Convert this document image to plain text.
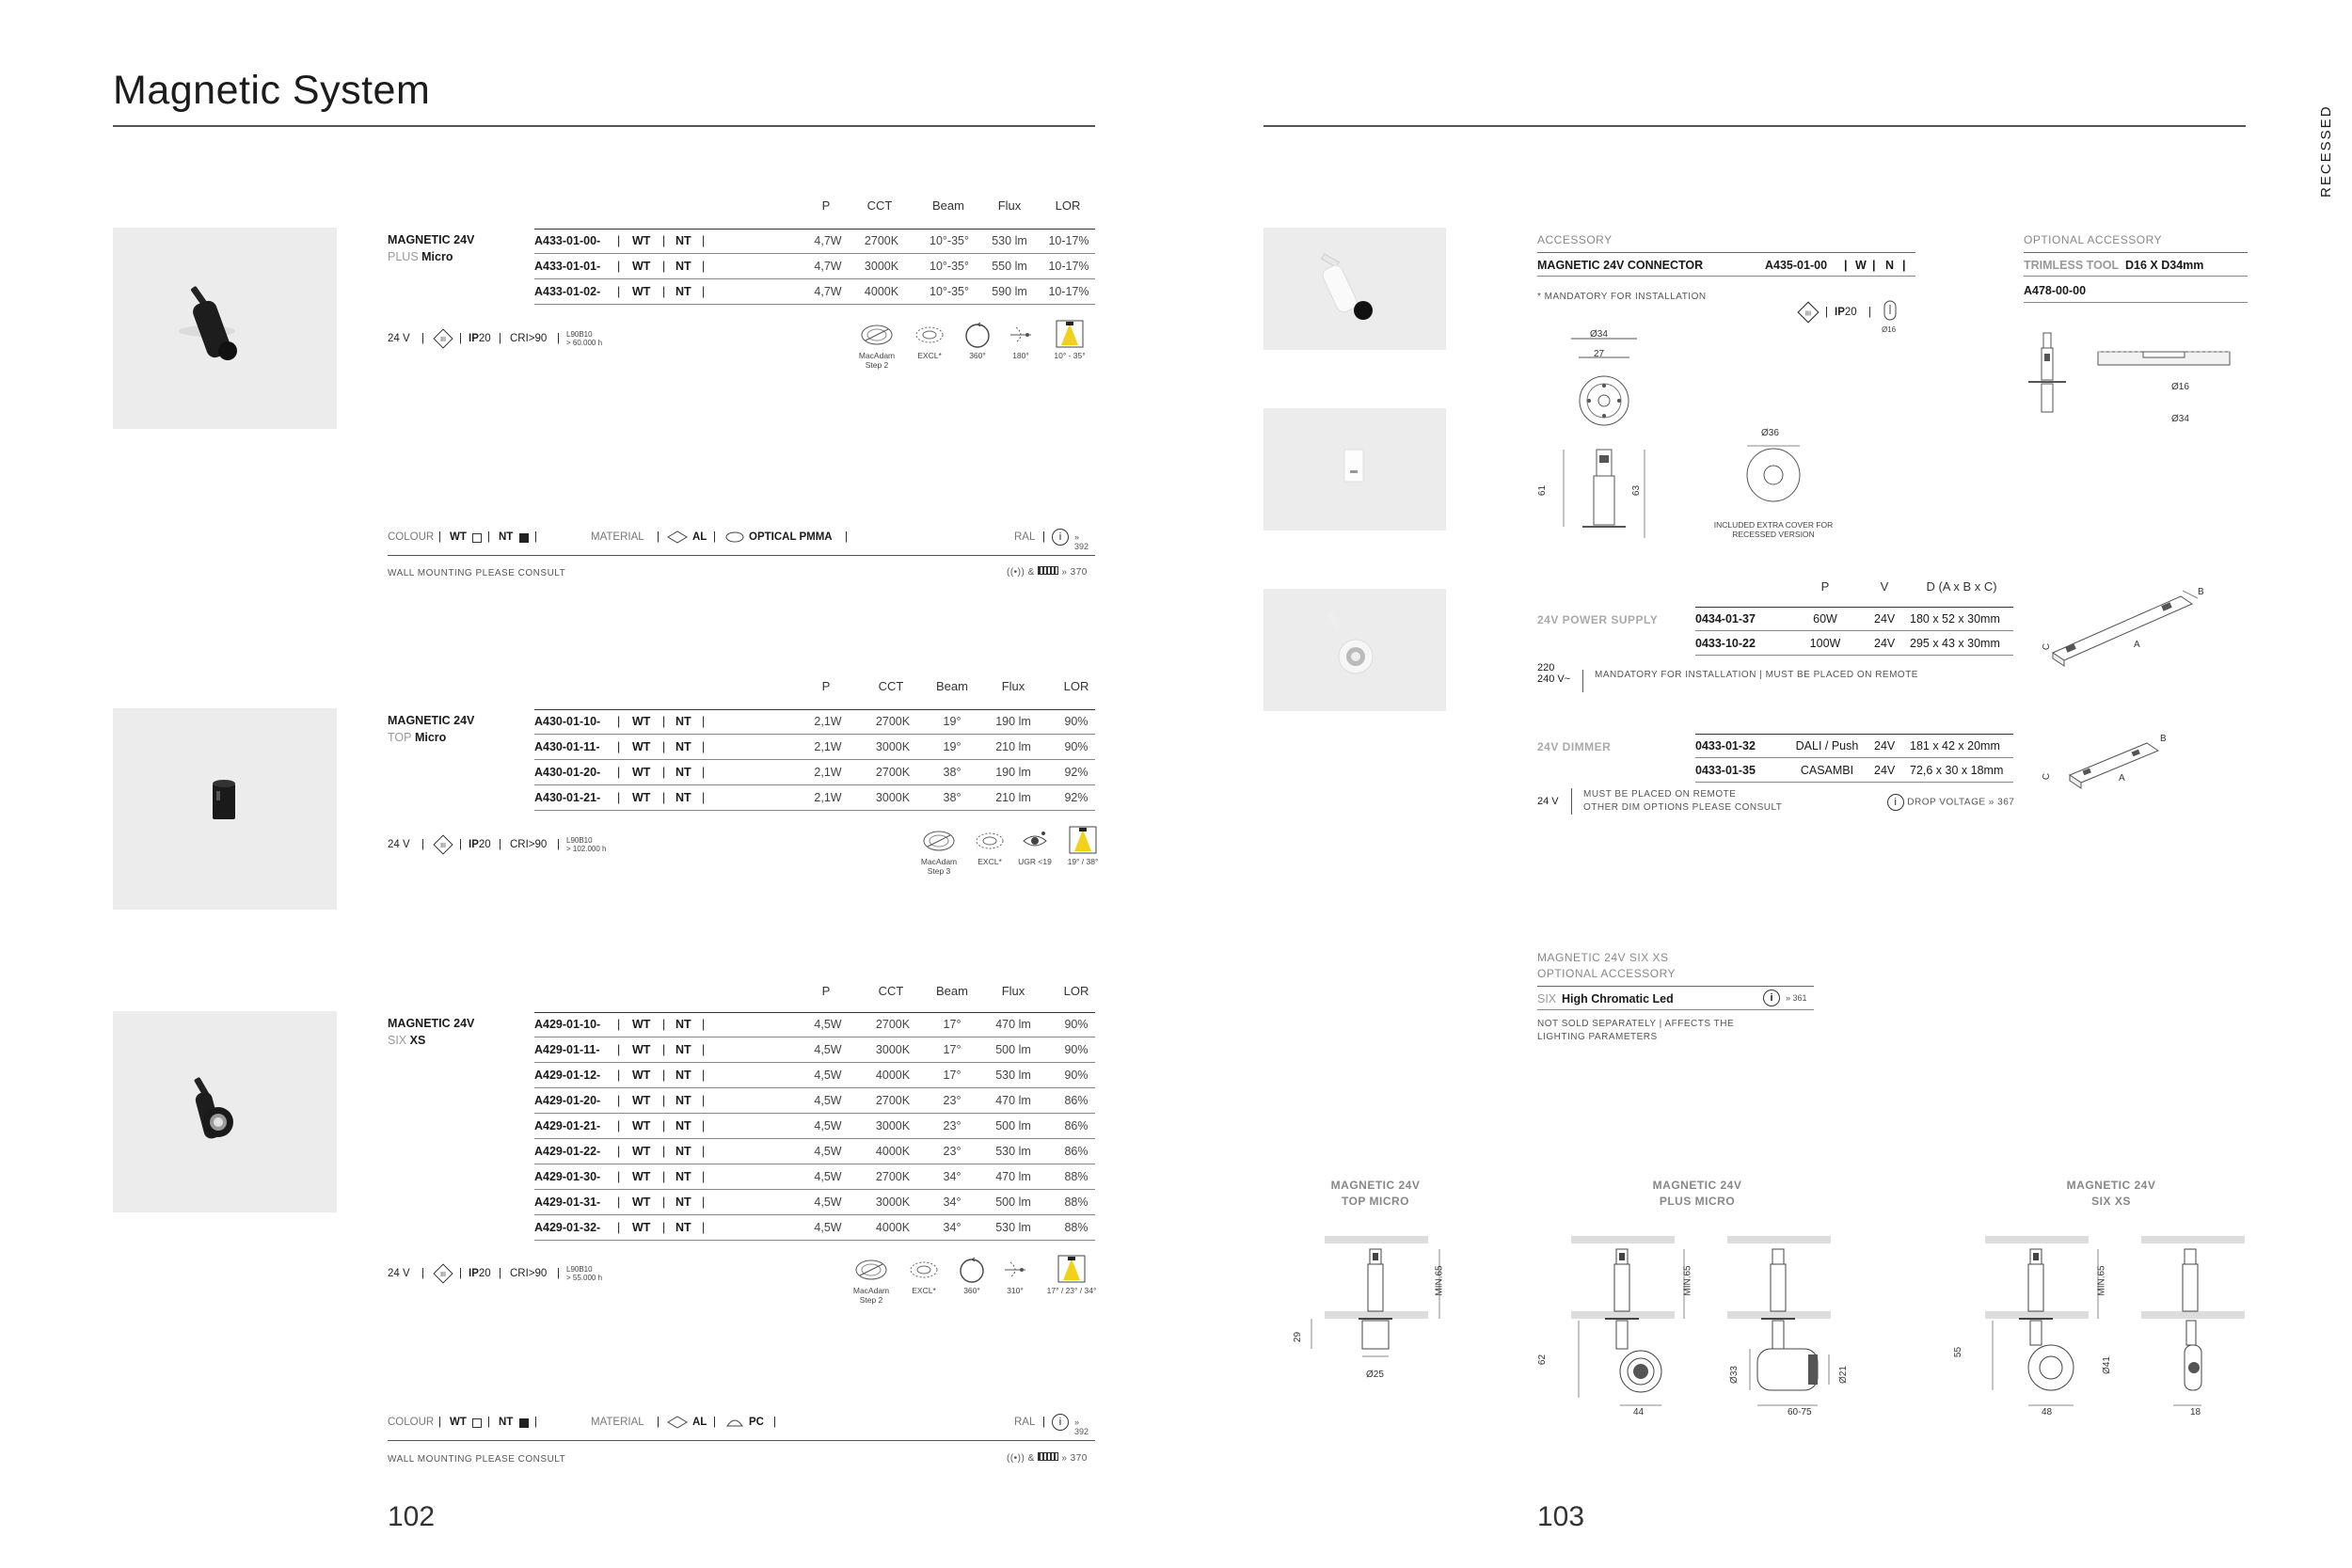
Magnetic System
RECESSED
P	CCT	Beam	Flux	LOR
MAGNETIC 24V
PLUS Micro
A433-01-00- | WT | NT |	4,7W	2700K	10°-35°	530 lm	10-17%
A433-01-01- | WT | NT |	4,7W	3000K	10°-35°	550 lm	10-17%
A433-01-02- | WT | NT |	4,7W	4000K	10°-35°	590 lm	10-17%
24 V | III | IP20 | CRI>90 | L90B10
> 60.000 h
MacAdam
Step 2
EXCL*	360°	180°	10° - 35°
COLOUR | WT | NT |	MATERIAL |	AL |	OPTICAL PMMA |	RAL |	i	» 392
WALL MOUNTING PLEASE CONSULT	((•)) &	» 370
P	CCT	Beam	Flux	LOR
MAGNETIC 24V
TOP Micro
A430-01-10- | WT | NT |	2,1W	2700K	19°	190 lm	90%
A430-01-11- | WT | NT |	2,1W	3000K	19°	210 lm	90%
A430-01-20- | WT | NT |	2,1W	2700K	38°	190 lm	92%
A430-01-21- | WT | NT |	2,1W	3000K	38°	210 lm	92%
24 V | III | IP20 | CRI>90 | L90B10
> 102.000 h
MacAdam
Step 3
EXCL*	UGR <19	19° / 38°
P	CCT	Beam	Flux	LOR
MAGNETIC 24V
SIX XS
A429-01-10- | WT | NT |	4,5W	2700K	17°	470 lm	90%
A429-01-11- | WT | NT |	4,5W	3000K	17°	500 lm	90%
A429-01-12- | WT | NT |	4,5W	4000K	17°	530 lm	90%
A429-01-20- | WT | NT |	4,5W	2700K	23°	470 lm	86%
A429-01-21- | WT | NT |	4,5W	3000K	23°	500 lm	86%
A429-01-22- | WT | NT |	4,5W	4000K	23°	530 lm	86%
A429-01-30- | WT | NT |	4,5W	2700K	34°	470 lm	88%
A429-01-31- | WT | NT |	4,5W	3000K	34°	500 lm	88%
A429-01-32- | WT | NT |	4,5W	4000K	34°	530 lm	88%
24 V | III | IP20 | CRI>90 | L90B10
> 55.000 h
MacAdam
Step 2
EXCL*	360°	310°	17° / 23° / 34°
COLOUR | WT | NT |	MATERIAL |	AL |	PC |	RAL |	i	» 392
WALL MOUNTING PLEASE CONSULT	((•)) &	» 370
102
ACCESSORY
MAGNETIC 24V CONNECTOR	A435-01-00 | W | N |
* MANDATORY FOR INSTALLATION
III | IP20 |
Ø16
Ø34
27
61	63
Ø36
INCLUDED EXTRA COVER FOR
RECESSED VERSION
OPTIONAL ACCESSORY
TRIMLESS TOOL D16 X D34mm
A478-00-00
Ø16
Ø34
P	V	D (A x B x C)
24V POWER SUPPLY	0434-01-37	60W	24V 180 x 52 x 30mm
0433-10-22	100W	24V 295 x 43 x 30mm
220
240 V~	MANDATORY FOR INSTALLATION | MUST BE PLACED ON REMOTE
A
B
C
24V DIMMER	0433-01-32	DALI / Push	24V 181 x 42 x 20mm
0433-01-35	CASAMBI	24V 72,6 x 30 x 18mm
24 V
MUST BE PLACED ON REMOTE
OTHER DIM OPTIONS PLEASE CONSULT	i DROP VOLTAGE » 367
A
B
C
MAGNETIC 24V SIX XS
OPTIONAL ACCESSORY
SIX High Chromatic Led	i	» 361
NOT SOLD SEPARATELY | AFFECTS THE
LIGHTING PARAMETERS
MAGNETIC 24V
TOP MICRO
MAGNETIC 24V
PLUS MICRO
MAGNETIC 24V
SIX XS
MIN.65
29
Ø25
MIN.65
62
44
Ø33	Ø21
60-75
MIN.65
55
48
Ø41
18
103
